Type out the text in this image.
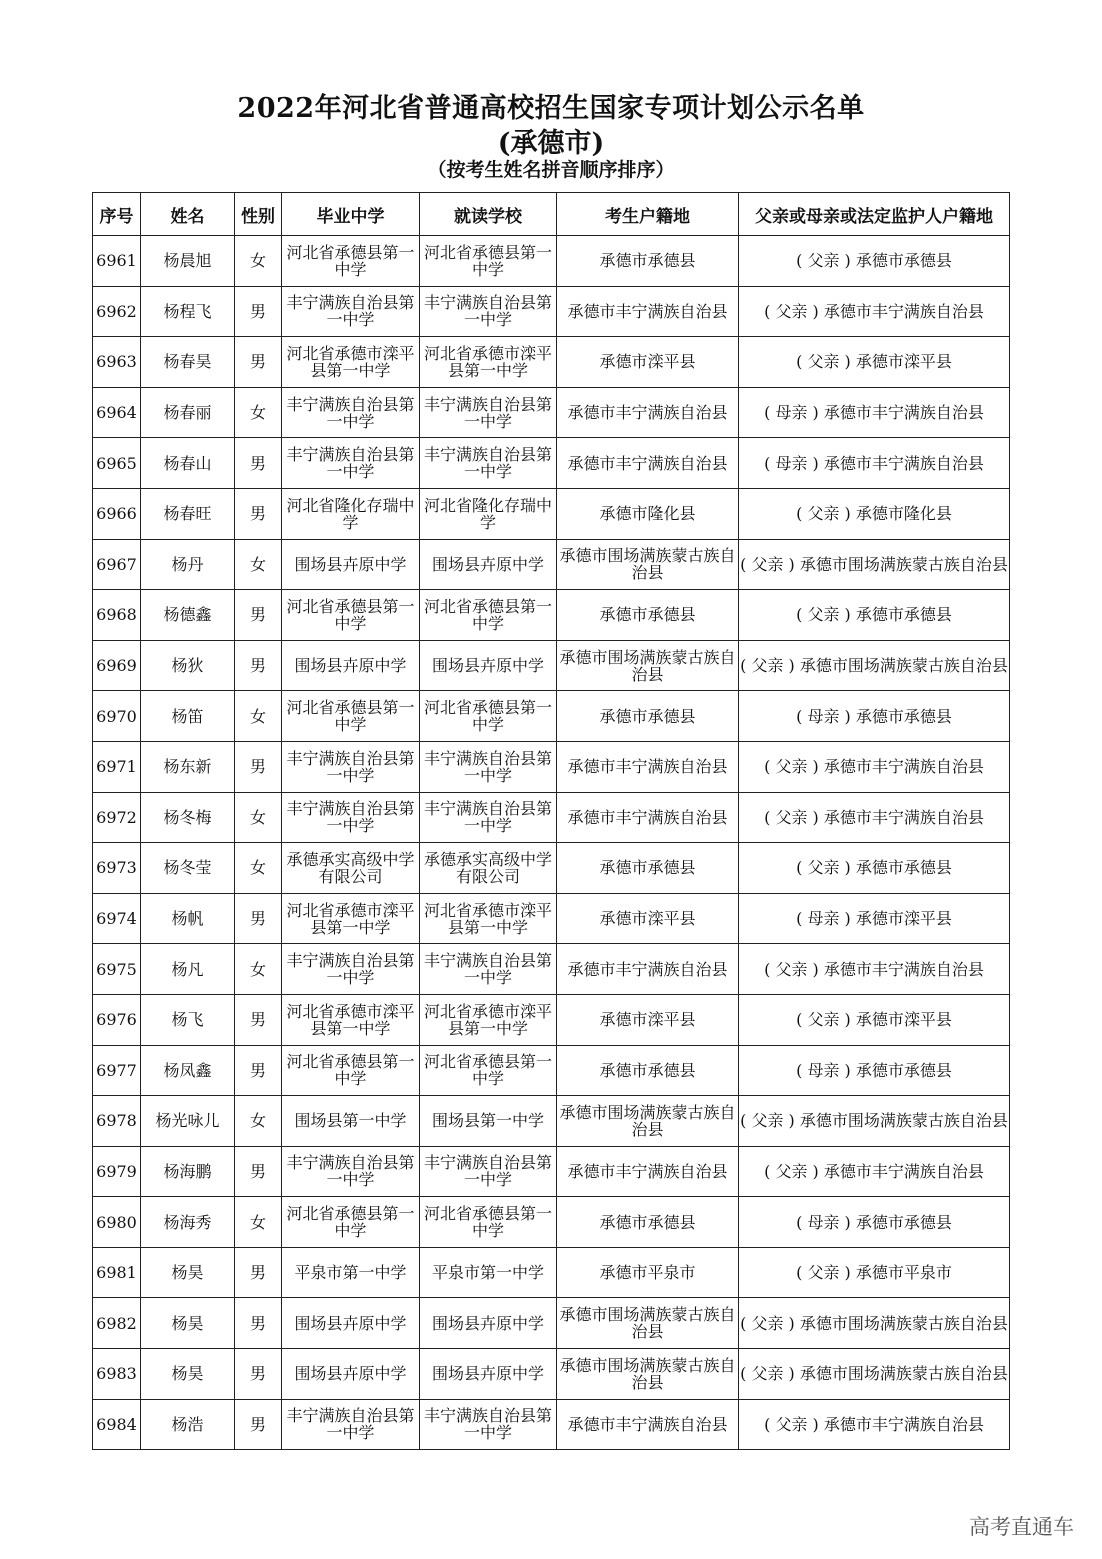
2022年河北省普通高校招生国家专项计划公示名单
(承德市)
（按考生姓名拼音顺序排序）
序号	姓名	性别	毕业中学	就读学校	考生户籍地	父亲或母亲或法定监护人户籍地
6961	杨晨旭	女	河北省承德县第一中学	河北省承德县第一中学	承德市承德县	( 父亲 ) 承德市承德县
6962	杨程飞	男	丰宁满族自治县第一中学	丰宁满族自治县第一中学	承德市丰宁满族自治县	( 父亲 ) 承德市丰宁满族自治县
6963	杨春昊	男	河北省承德市滦平县第一中学	河北省承德市滦平县第一中学	承德市滦平县	( 父亲 ) 承德市滦平县
6964	杨春丽	女	丰宁满族自治县第一中学	丰宁满族自治县第一中学	承德市丰宁满族自治县	( 母亲 ) 承德市丰宁满族自治县
6965	杨春山	男	丰宁满族自治县第一中学	丰宁满族自治县第一中学	承德市丰宁满族自治县	( 母亲 ) 承德市丰宁满族自治县
6966	杨春旺	男	河北省隆化存瑞中学	河北省隆化存瑞中学	承德市隆化县	( 父亲 ) 承德市隆化县
6967	杨丹	女	围场县卉原中学	围场县卉原中学	承德市围场满族蒙古族自治县	( 父亲 ) 承德市围场满族蒙古族自治县
6968	杨德鑫	男	河北省承德县第一中学	河北省承德县第一中学	承德市承德县	( 父亲 ) 承德市承德县
6969	杨狄	男	围场县卉原中学	围场县卉原中学	承德市围场满族蒙古族自治县	( 父亲 ) 承德市围场满族蒙古族自治县
6970	杨笛	女	河北省承德县第一中学	河北省承德县第一中学	承德市承德县	( 母亲 ) 承德市承德县
6971	杨东新	男	丰宁满族自治县第一中学	丰宁满族自治县第一中学	承德市丰宁满族自治县	( 父亲 ) 承德市丰宁满族自治县
6972	杨冬梅	女	丰宁满族自治县第一中学	丰宁满族自治县第一中学	承德市丰宁满族自治县	( 父亲 ) 承德市丰宁满族自治县
6973	杨冬莹	女	承德承实高级中学有限公司	承德承实高级中学有限公司	承德市承德县	( 父亲 ) 承德市承德县
6974	杨帆	男	河北省承德市滦平县第一中学	河北省承德市滦平县第一中学	承德市滦平县	( 母亲 ) 承德市滦平县
6975	杨凡	女	丰宁满族自治县第一中学	丰宁满族自治县第一中学	承德市丰宁满族自治县	( 父亲 ) 承德市丰宁满族自治县
6976	杨飞	男	河北省承德市滦平县第一中学	河北省承德市滦平县第一中学	承德市滦平县	( 父亲 ) 承德市滦平县
6977	杨凤鑫	男	河北省承德县第一中学	河北省承德县第一中学	承德市承德县	( 母亲 ) 承德市承德县
6978	杨光咏儿	女	围场县第一中学	围场县第一中学	承德市围场满族蒙古族自治县	( 父亲 ) 承德市围场满族蒙古族自治县
6979	杨海鹏	男	丰宁满族自治县第一中学	丰宁满族自治县第一中学	承德市丰宁满族自治县	( 父亲 ) 承德市丰宁满族自治县
6980	杨海秀	女	河北省承德县第一中学	河北省承德县第一中学	承德市承德县	( 母亲 ) 承德市承德县
6981	杨昊	男	平泉市第一中学	平泉市第一中学	承德市平泉市	( 父亲 ) 承德市平泉市
6982	杨昊	男	围场县卉原中学	围场县卉原中学	承德市围场满族蒙古族自治县	( 父亲 ) 承德市围场满族蒙古族自治县
6983	杨昊	男	围场县卉原中学	围场县卉原中学	承德市围场满族蒙古族自治县	( 父亲 ) 承德市围场满族蒙古族自治县
6984	杨浩	男	丰宁满族自治县第一中学	丰宁满族自治县第一中学	承德市丰宁满族自治县	( 父亲 ) 承德市丰宁满族自治县
高考直通车
